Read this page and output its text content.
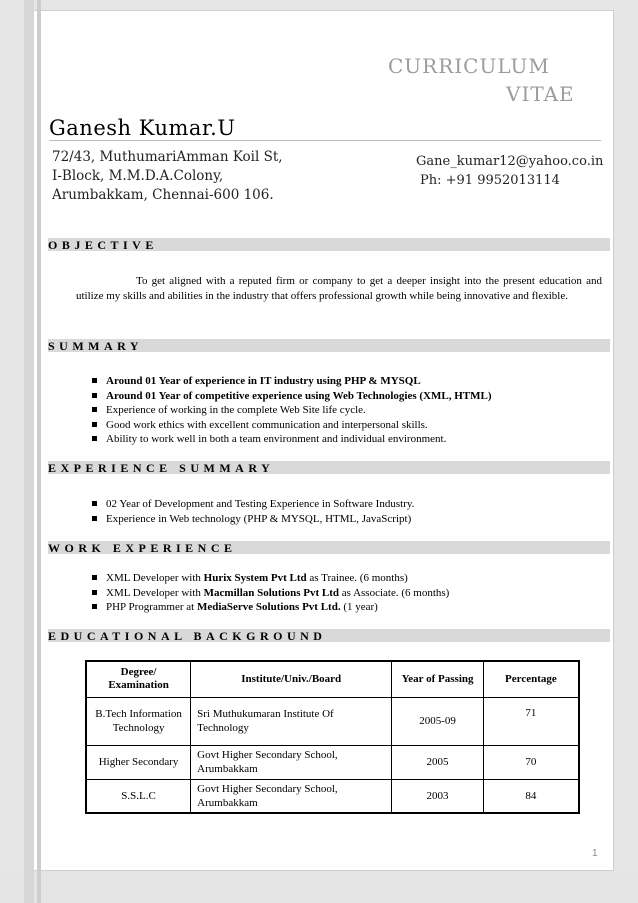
CURRICULUM
VITAE
Ganesh Kumar.U
72/43, MuthumariAmman Koil St,
I-Block, M.M.D.A.Colony,
Arumbakkam, Chennai-600 106.
Gane_kumar12@yahoo.co.in
Ph: +91 9952013114
OBJECTIVE
To get aligned with a reputed firm or company to get a deeper insight into the present education and utilize my skills and abilities in the industry that offers professional growth while being innovative and flexible.
SUMMARY
Around 01 Year of experience in IT industry using PHP & MYSQL
Around 01 Year of competitive experience using Web Technologies (XML, HTML)
Experience of working in the complete Web Site life cycle.
Good work ethics with excellent communication and interpersonal skills.
Ability to work well in both a team environment and individual environment.
EXPERIENCE SUMMARY
02 Year of Development and Testing Experience in Software Industry.
Experience in Web technology (PHP & MYSQL, HTML, JavaScript)
WORK EXPERIENCE
XML Developer with Hurix System Pvt Ltd as Trainee. (6 months)
XML Developer with Macmillan Solutions Pvt Ltd as Associate. (6 months)
PHP Programmer at MediaServe Solutions Pvt Ltd. (1 year)
EDUCATIONAL BACKGROUND
Degree/ Examination	Institute/Univ./Board	Year of Passing	Percentage
B.Tech Information Technology	Sri Muthukumaran Institute Of Technology	2005-09	71
Higher Secondary	Govt Higher Secondary School, Arumbakkam	2005	70
S.S.L.C	Govt Higher Secondary School, Arumbakkam	2003	84
1
